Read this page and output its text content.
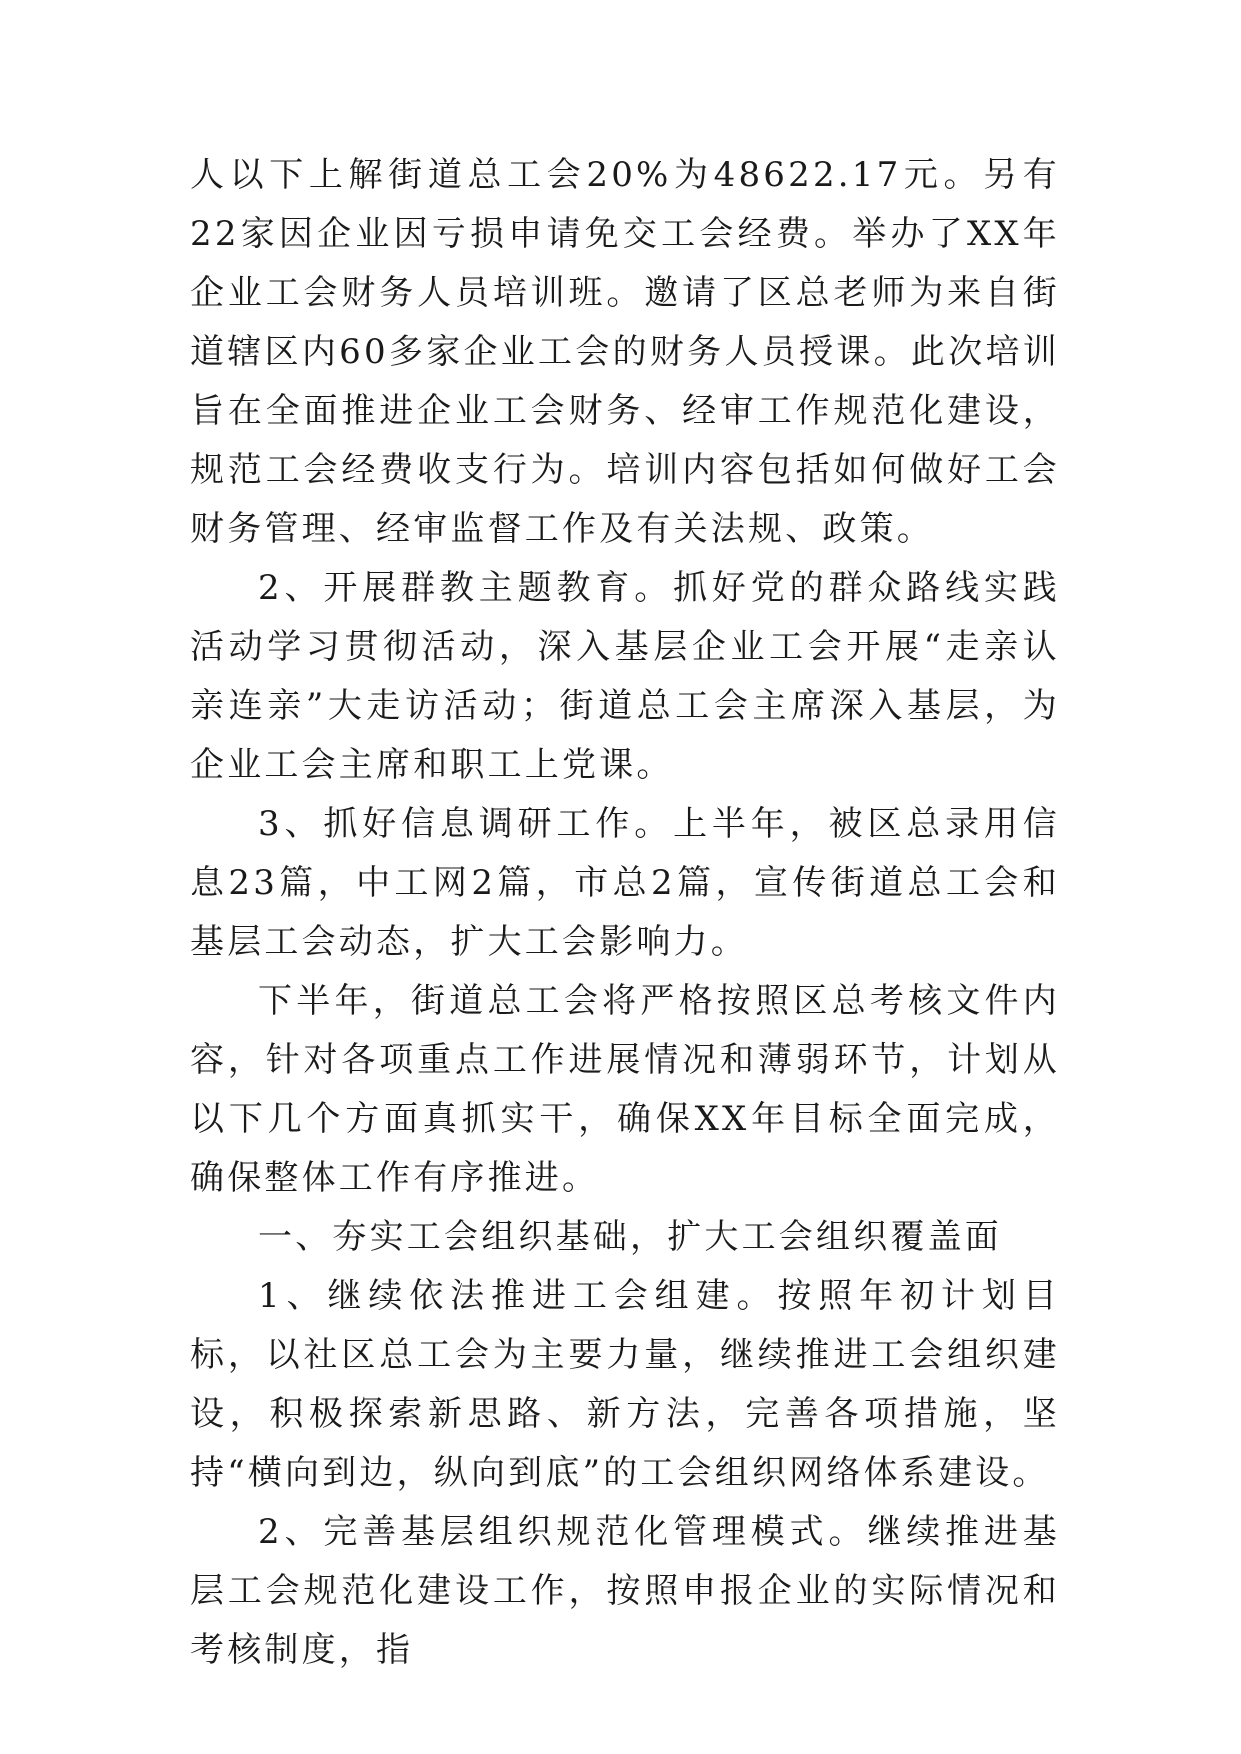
人以下上解街道总工会20%为48622.17元。另有22家因企业因亏损申请免交工会经费。举办了XX年企业工会财务人员培训班。邀请了区总老师为来自街道辖区内60多家企业工会的财务人员授课。此次培训旨在全面推进企业工会财务、经审工作规范化建设，规范工会经费收支行为。培训内容包括如何做好工会财务管理、经审监督工作及有关法规、政策。

2、开展群教主题教育。抓好党的群众路线实践活动学习贯彻活动，深入基层企业工会开展“走亲认亲连亲”大走访活动；街道总工会主席深入基层，为企业工会主席和职工上党课。

3、抓好信息调研工作。上半年，被区总录用信息23篇，中工网2篇，市总2篇，宣传街道总工会和基层工会动态，扩大工会影响力。

下半年，街道总工会将严格按照区总考核文件内容，针对各项重点工作进展情况和薄弱环节，计划从以下几个方面真抓实干，确保XX年目标全面完成，确保整体工作有序推进。

一、夯实工会组织基础，扩大工会组织覆盖面

1、继续依法推进工会组建。按照年初计划目标，以社区总工会为主要力量，继续推进工会组织建设，积极探索新思路、新方法，完善各项措施，坚持“横向到边，纵向到底”的工会组织网络体系建设。

2、完善基层组织规范化管理模式。继续推进基层工会规范化建设工作，按照申报企业的实际情况和考核制度，指
